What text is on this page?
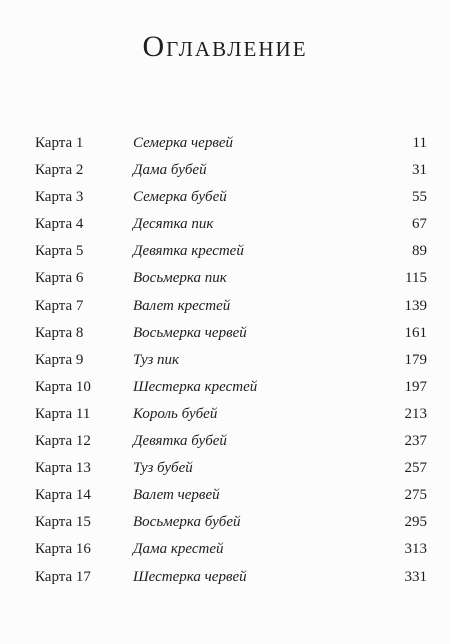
Оглавление
Карта 1	Семерка червей	11
Карта 2	Дама бубей	31
Карта 3	Семерка бубей	55
Карта 4	Десятка пик	67
Карта 5	Девятка крестей	89
Карта 6	Восьмерка пик	115
Карта 7	Валет крестей	139
Карта 8	Восьмерка червей	161
Карта 9	Туз пик	179
Карта 10	Шестерка крестей	197
Карта 11	Король бубей	213
Карта 12	Девятка бубей	237
Карта 13	Туз бубей	257
Карта 14	Валет червей	275
Карта 15	Восьмерка бубей	295
Карта 16	Дама крестей	313
Карта 17	Шестерка червей	331
